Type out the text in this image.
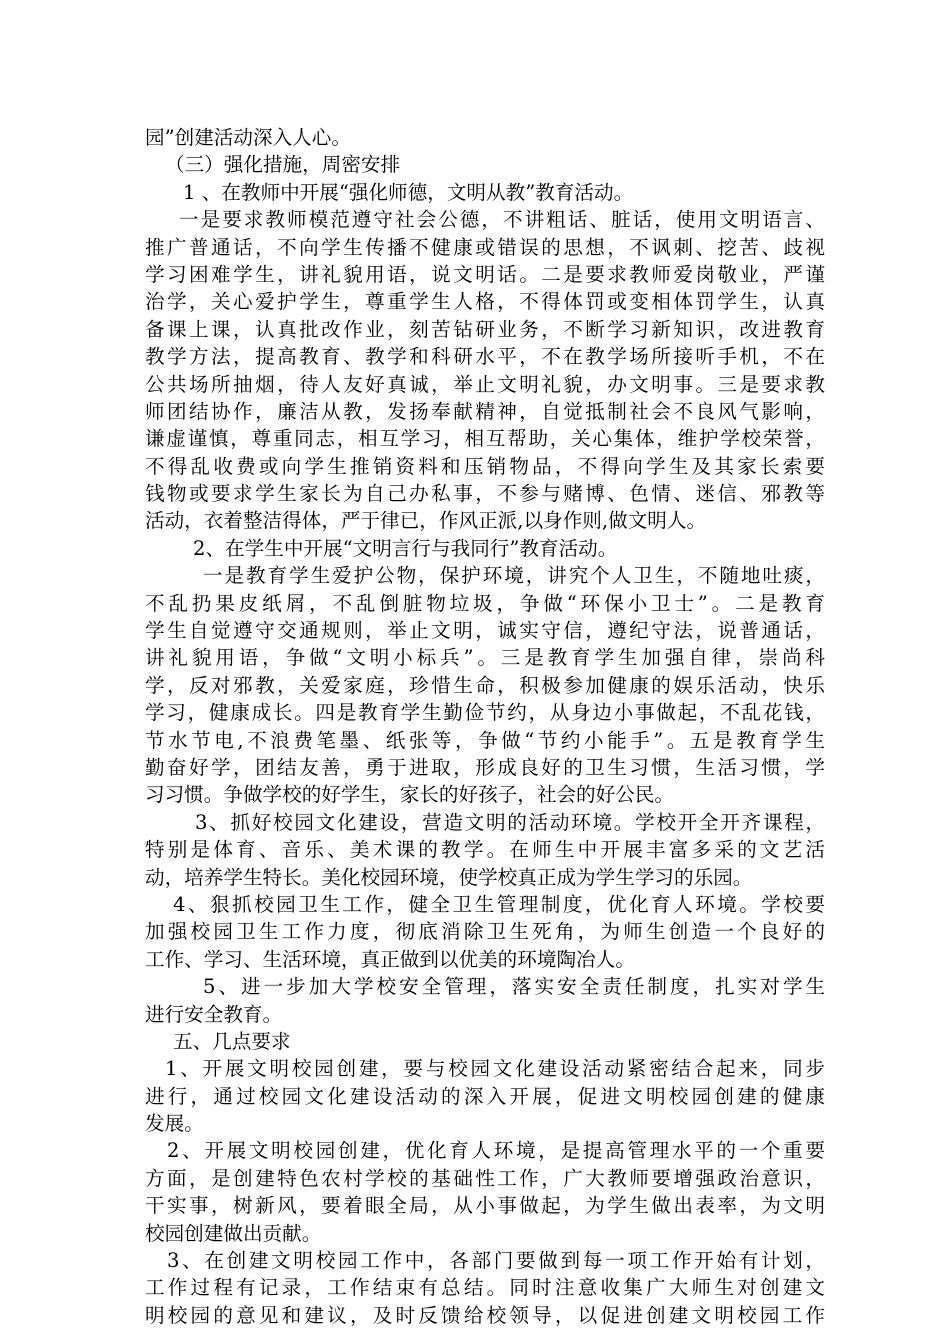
园”创建活动深入人心。
（三）强化措施，周密安排
1 、在教师中开展“强化师德，文明从教”教育活动。
一是要求教师模范遵守社会公德，不讲粗话、脏话，使用文明语言、
推广普通话，不向学生传播不健康或错误的思想，不讽刺、挖苦、歧视
学习困难学生，讲礼貌用语，说文明话。二是要求教师爱岗敬业，严谨
治学，关心爱护学生，尊重学生人格，不得体罚或变相体罚学生，认真
备课上课，认真批改作业，刻苦钻研业务，不断学习新知识，改进教育
教学方法，提高教育、教学和科研水平，不在教学场所接听手机，不在
公共场所抽烟，待人友好真诚，举止文明礼貌，办文明事。三是要求教
师团结协作，廉洁从教，发扬奉献精神，自觉抵制社会不良风气影响，
谦虚谨慎，尊重同志，相互学习，相互帮助，关心集体，维护学校荣誉，
不得乱收费或向学生推销资料和压销物品，不得向学生及其家长索要
钱物或要求学生家长为自己办私事，不参与赌博、色情、迷信、邪教等
活动，衣着整洁得体，严于律已，作风正派,以身作则,做文明人。
2、在学生中开展“文明言行与我同行”教育活动。
一是教育学生爱护公物，保护环境，讲究个人卫生，不随地吐痰，
不乱扔果皮纸屑，不乱倒脏物垃圾，争做“环保小卫士”。二是教育
学生自觉遵守交通规则，举止文明，诚实守信，遵纪守法，说普通话，
讲礼貌用语，争做“文明小标兵”。三是教育学生加强自律，崇尚科
学，反对邪教，关爱家庭，珍惜生命，积极参加健康的娱乐活动，快乐
学习，健康成长。四是教育学生勤俭节约，从身边小事做起，不乱花钱，
节水节电,不浪费笔墨、纸张等，争做“节约小能手”。五是教育学生
勤奋好学，团结友善，勇于进取，形成良好的卫生习惯，生活习惯，学
习习惯。争做学校的好学生，家长的好孩子，社会的好公民。
3、抓好校园文化建设，营造文明的活动环境。学校开全开齐课程，
特别是体育、音乐、美术课的教学。在师生中开展丰富多采的文艺活
动，培养学生特长。美化校园环境，使学校真正成为学生学习的乐园。
4、狠抓校园卫生工作，健全卫生管理制度，优化育人环境。学校要
加强校园卫生工作力度，彻底消除卫生死角，为师生创造一个良好的
工作、学习、生活环境，真正做到以优美的环境陶冶人。
5、进一步加大学校安全管理，落实安全责任制度，扎实对学生
进行安全教育。
五、几点要求
1、开展文明校园创建，要与校园文化建设活动紧密结合起来，同步
进行，通过校园文化建设活动的深入开展，促进文明校园创建的健康
发展。
2、开展文明校园创建，优化育人环境，是提高管理水平的一个重要
方面，是创建特色农村学校的基础性工作，广大教师要增强政治意识，
干实事，树新风，要着眼全局，从小事做起，为学生做出表率，为文明
校园创建做出贡献。
3、在创建文明校园工作中，各部门要做到每一项工作开始有计划，
工作过程有记录，工作结束有总结。同时注意收集广大师生对创建文
明校园的意见和建议，及时反馈给校领导，以促进创建文明校园工作
